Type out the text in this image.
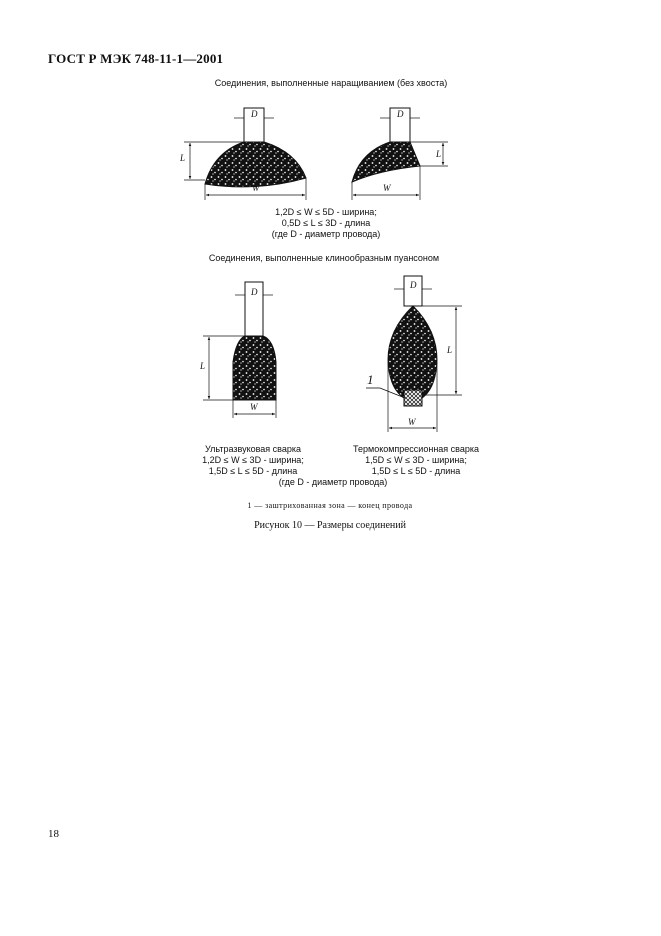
ГОСТ Р МЭК 748-11-1—2001
Соединения, выполненные наращиванием (без хвоста)
D
L
W
D
L
W
D
L
W
D
L
W
1
1,2D ≤ W ≤ 5D - ширина;
0,5D ≤ L ≤ 3D - длина
(где D - диаметр провода)
Соединения, выполненные клинообразным пуансоном
Ультразвуковая сварка
1,2D ≤ W ≤ 3D - ширина;
1,5D ≤ L ≤ 5D - длина
Термокомпрессионная сварка
1,5D ≤ W ≤ 3D - ширина;
1,5D ≤ L ≤ 5D - длина
(где D - диаметр провода)
1 — заштрихованная зона — конец провода
Рисунок 10 — Размеры соединений
18
